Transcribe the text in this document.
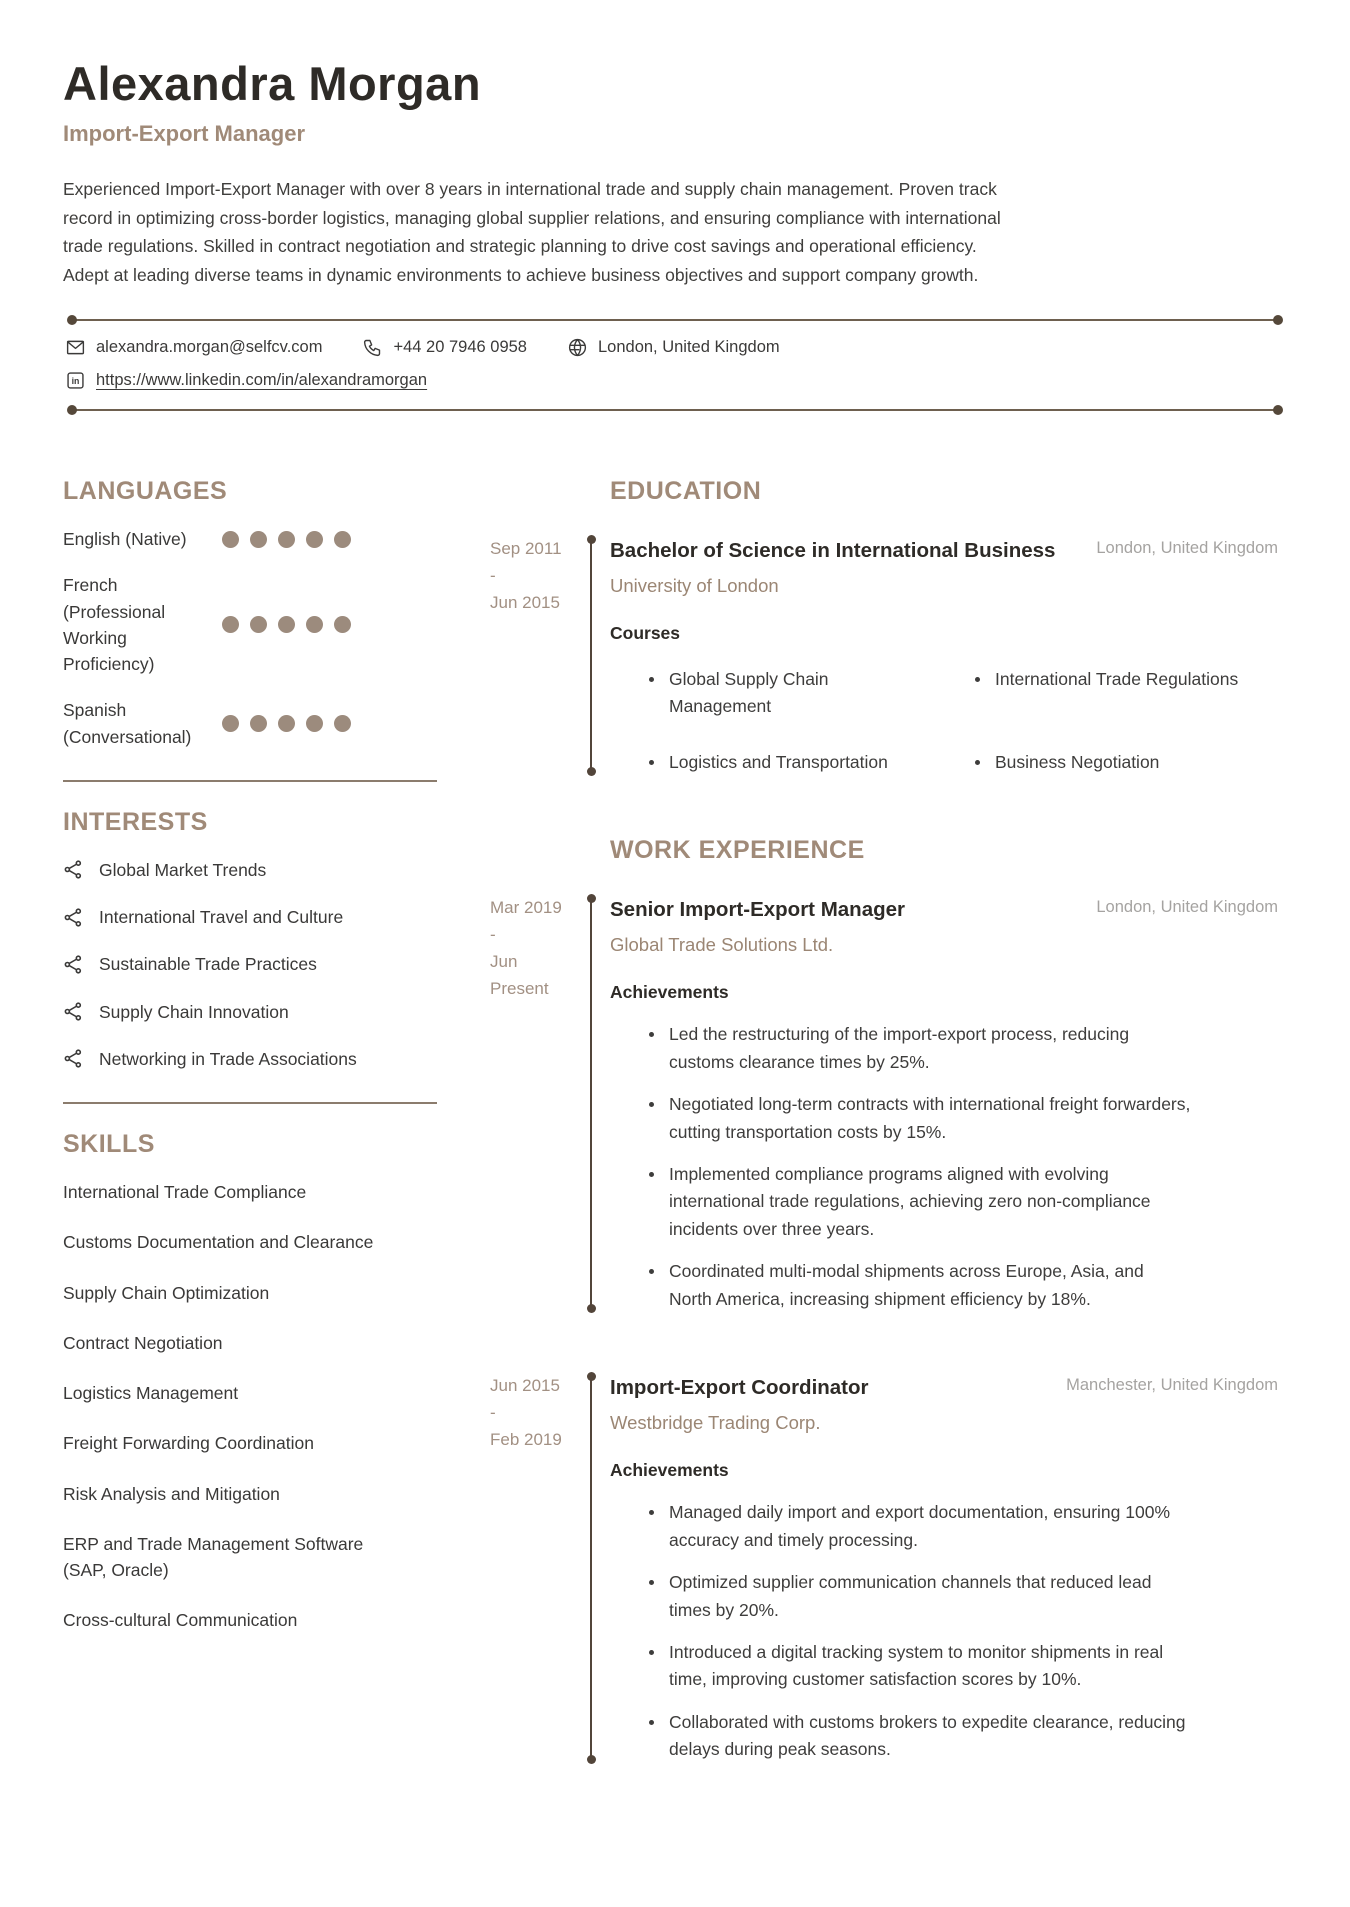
Alexandra Morgan
Import-Export Manager

Experienced Import-Export Manager with over 8 years in international trade and supply chain management. Proven track record in optimizing cross-border logistics, managing global supplier relations, and ensuring compliance with international trade regulations. Skilled in contract negotiation and strategic planning to drive cost savings and operational efficiency. Adept at leading diverse teams in dynamic environments to achieve business objectives and support company growth.

alexandra.morgan@selfcv.com	+44 20 7946 0958	London, United Kingdom
in https://www.linkedin.com/in/alexandramorgan
LANGUAGES
English (Native)
French (Professional Working Proficiency)
Spanish (Conversational)
INTERESTS
Global Market Trends
International Travel and Culture
Sustainable Trade Practices
Supply Chain Innovation
Networking in Trade Associations
SKILLS
International Trade Compliance
Customs Documentation and Clearance
Supply Chain Optimization
Contract Negotiation
Logistics Management
Freight Forwarding Coordination
Risk Analysis and Mitigation
ERP and Trade Management Software (SAP, Oracle)
Cross-cultural Communication
EDUCATION
Sep 2011
-
Jun 2015
Bachelor of Science in International Business London, United Kingdom
University of London
Courses
Global Supply Chain Management
International Trade Regulations
Logistics and Transportation	Business Negotiation
WORK EXPERIENCE
Mar 2019
-
Jun
Present
Senior Import-Export Manager	London, United Kingdom
Global Trade Solutions Ltd.
Achievements
Led the restructuring of the import-export process, reducing customs clearance times by 25%.
Negotiated long-term contracts with international freight forwarders, cutting transportation costs by 15%.
Implemented compliance programs aligned with evolving international trade regulations, achieving zero non-compliance incidents over three years.
Coordinated multi-modal shipments across Europe, Asia, and North America, increasing shipment efficiency by 18%.
Jun 2015
-
Feb 2019
Import-Export Coordinator	Manchester, United Kingdom
Westbridge Trading Corp.
Achievements
Managed daily import and export documentation, ensuring 100% accuracy and timely processing.
Optimized supplier communication channels that reduced lead times by 20%.
Introduced a digital tracking system to monitor shipments in real time, improving customer satisfaction scores by 10%.
Collaborated with customs brokers to expedite clearance, reducing delays during peak seasons.
